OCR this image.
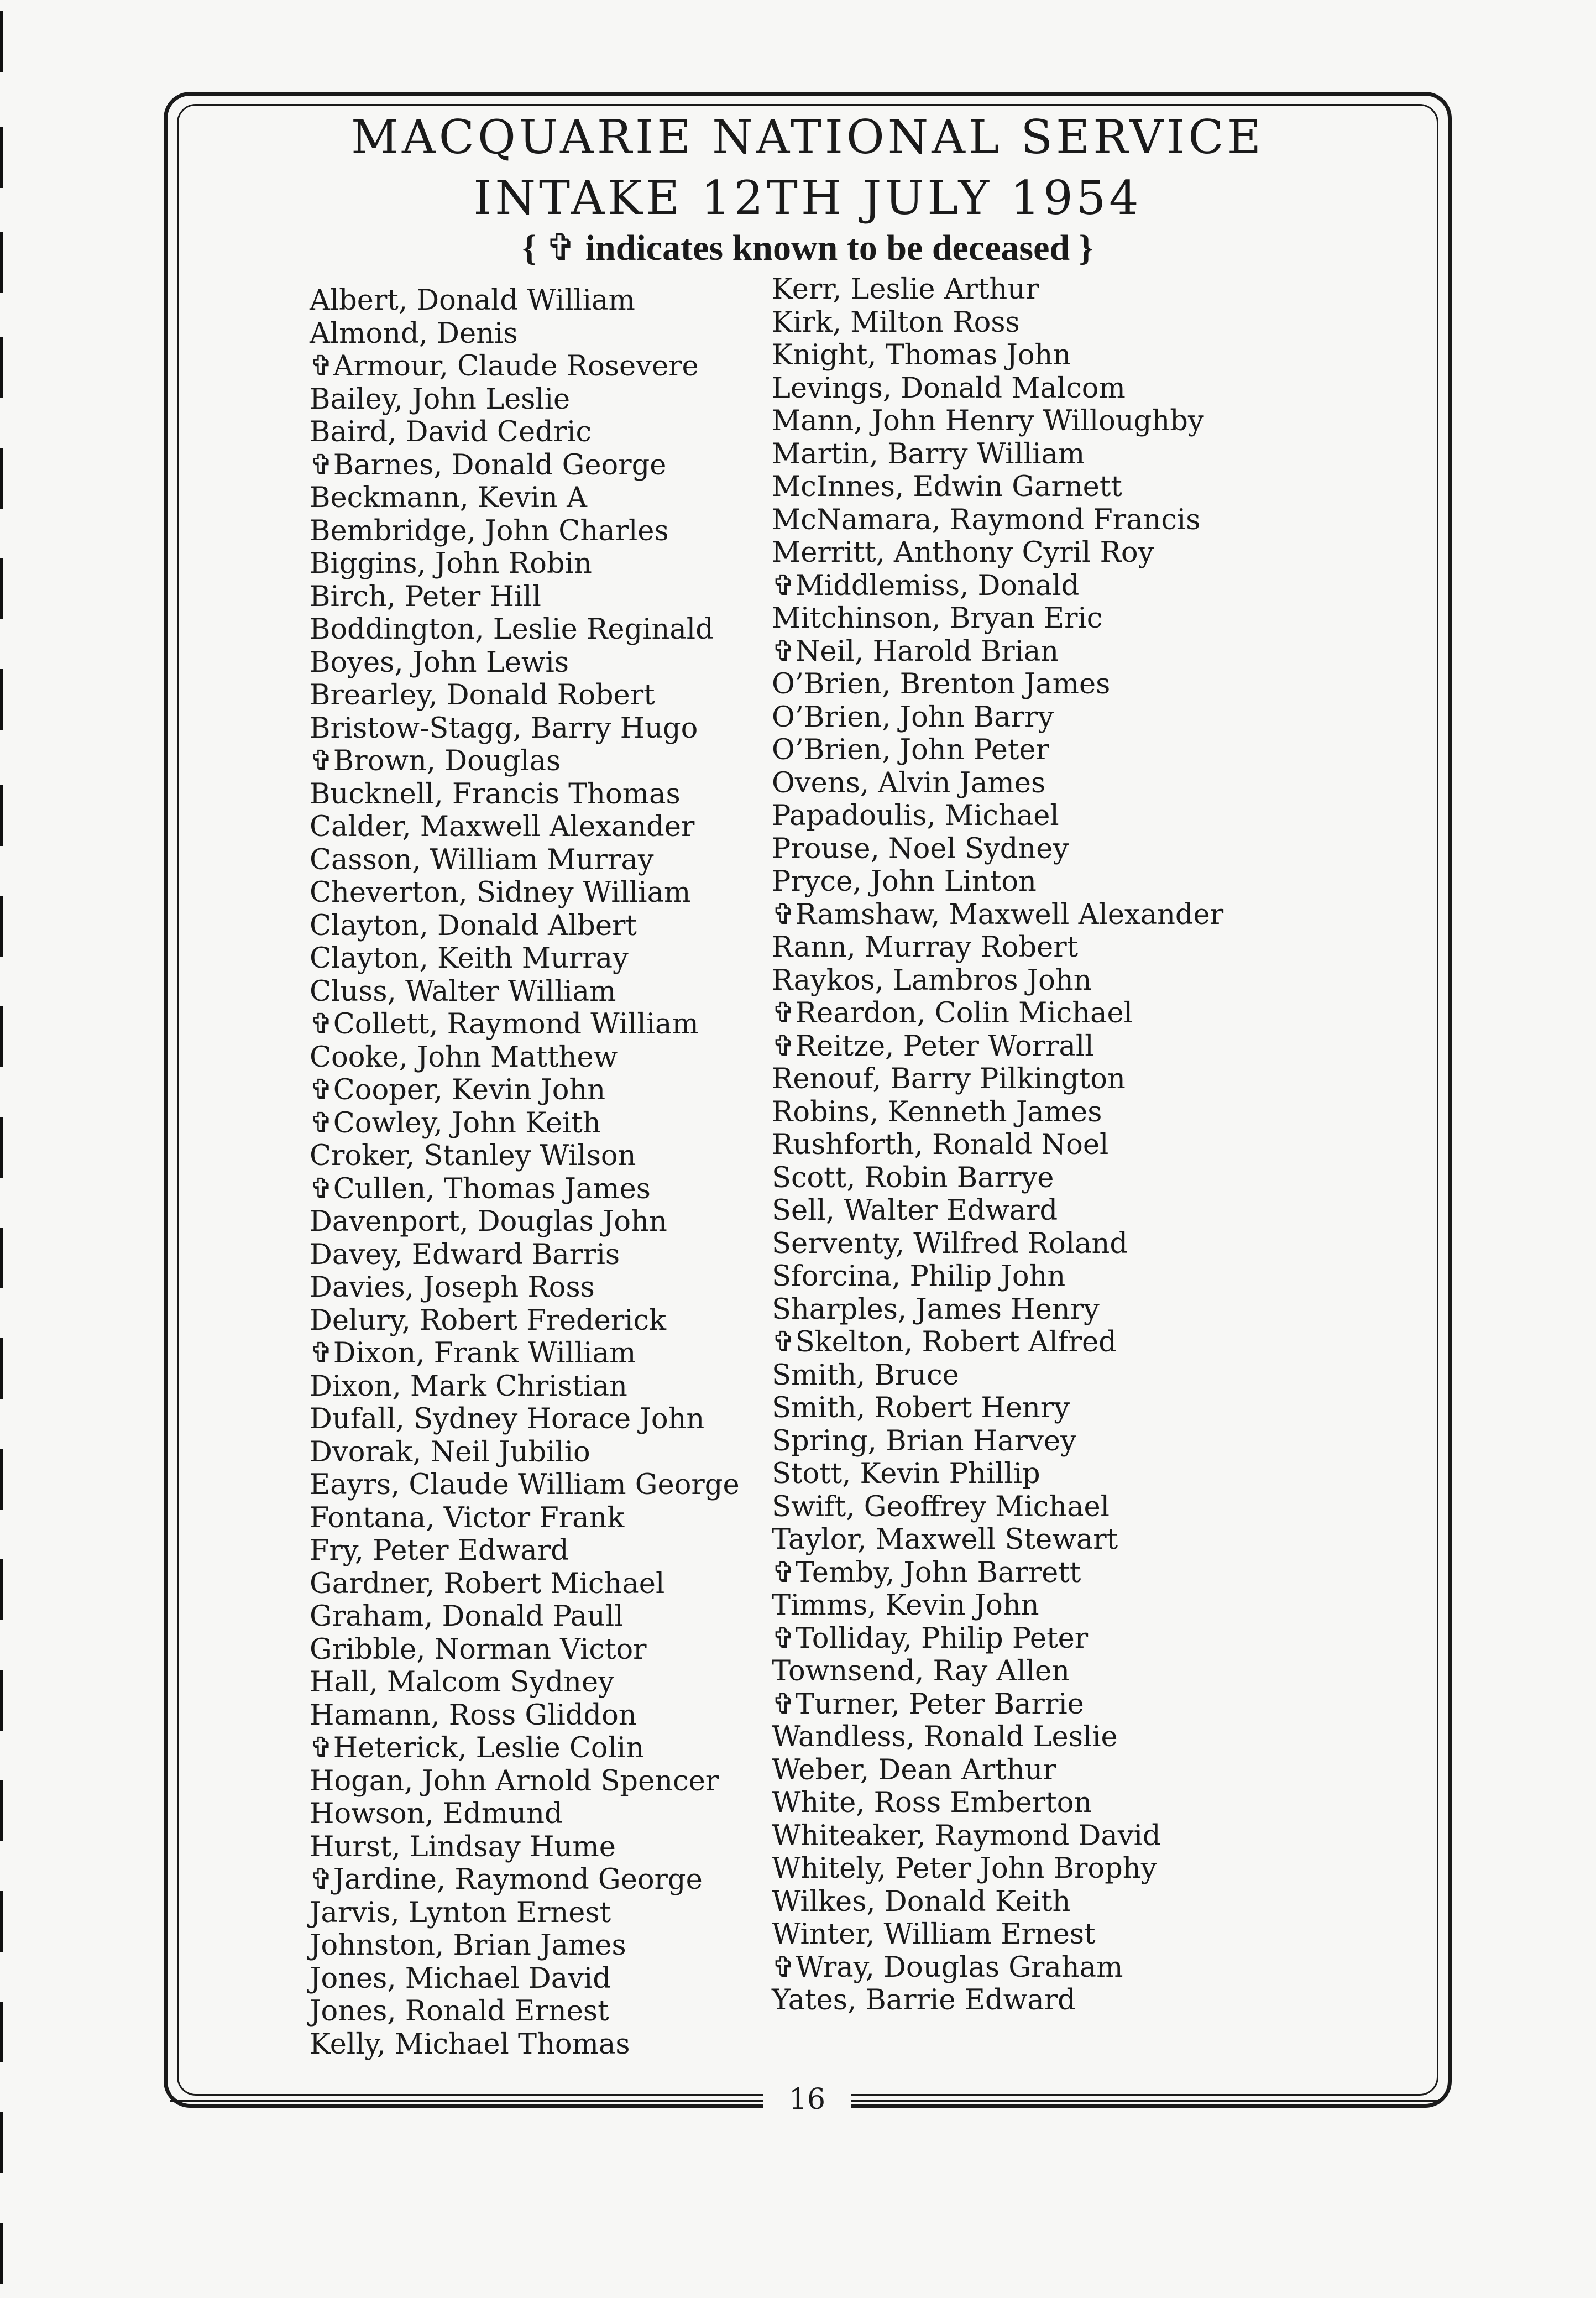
MACQUARIE NATIONAL SERVICE
INTAKE 12TH JULY 1954
{ ✞ indicates known to be deceased }
Albert, Donald William
Almond, Denis
✞Armour, Claude Rosevere
Bailey, John Leslie
Baird, David Cedric
✞Barnes, Donald George
Beckmann, Kevin A
Bembridge, John Charles
Biggins, John Robin
Birch, Peter Hill
Boddington, Leslie Reginald
Boyes, John Lewis
Brearley, Donald Robert
Bristow-Stagg, Barry Hugo
✞Brown, Douglas
Bucknell, Francis Thomas
Calder, Maxwell Alexander
Casson, William Murray
Cheverton, Sidney William
Clayton, Donald Albert
Clayton, Keith Murray
Cluss, Walter William
✞Collett, Raymond William
Cooke, John Matthew
✞Cooper, Kevin John
✞Cowley, John Keith
Croker, Stanley Wilson
✞Cullen, Thomas James
Davenport, Douglas John
Davey, Edward Barris
Davies, Joseph Ross
Delury, Robert Frederick
✞Dixon, Frank William
Dixon, Mark Christian
Dufall, Sydney Horace John
Dvorak, Neil Jubilio
Eayrs, Claude William George
Fontana, Victor Frank
Fry, Peter Edward
Gardner, Robert Michael
Graham, Donald Paull
Gribble, Norman Victor
Hall, Malcom Sydney
Hamann, Ross Gliddon
✞Heterick, Leslie Colin
Hogan, John Arnold Spencer
Howson, Edmund
Hurst, Lindsay Hume
✞Jardine, Raymond George
Jarvis, Lynton Ernest
Johnston, Brian James
Jones, Michael David
Jones, Ronald Ernest
Kelly, Michael Thomas
Kerr, Leslie Arthur
Kirk, Milton Ross
Knight, Thomas John
Levings, Donald Malcom
Mann, John Henry Willoughby
Martin, Barry William
McInnes, Edwin Garnett
McNamara, Raymond Francis
Merritt, Anthony Cyril Roy
✞Middlemiss, Donald
Mitchinson, Bryan Eric
✞Neil, Harold Brian
O’Brien, Brenton James
O’Brien, John Barry
O’Brien, John Peter
Ovens, Alvin James
Papadoulis, Michael
Prouse, Noel Sydney
Pryce, John Linton
✞Ramshaw, Maxwell Alexander
Rann, Murray Robert
Raykos, Lambros John
✞Reardon, Colin Michael
✞Reitze, Peter Worrall
Renouf, Barry Pilkington
Robins, Kenneth James
Rushforth, Ronald Noel
Scott, Robin Barrye
Sell, Walter Edward
Serventy, Wilfred Roland
Sforcina, Philip John
Sharples, James Henry
✞Skelton, Robert Alfred
Smith, Bruce
Smith, Robert Henry
Spring, Brian Harvey
Stott, Kevin Phillip
Swift, Geoffrey Michael
Taylor, Maxwell Stewart
✞Temby, John Barrett
Timms, Kevin John
✞Tolliday, Philip Peter
Townsend, Ray Allen
✞Turner, Peter Barrie
Wandless, Ronald Leslie
Weber, Dean Arthur
White, Ross Emberton
Whiteaker, Raymond David
Whitely, Peter John Brophy
Wilkes, Donald Keith
Winter, William Ernest
✞Wray, Douglas Graham
Yates, Barrie Edward
16
